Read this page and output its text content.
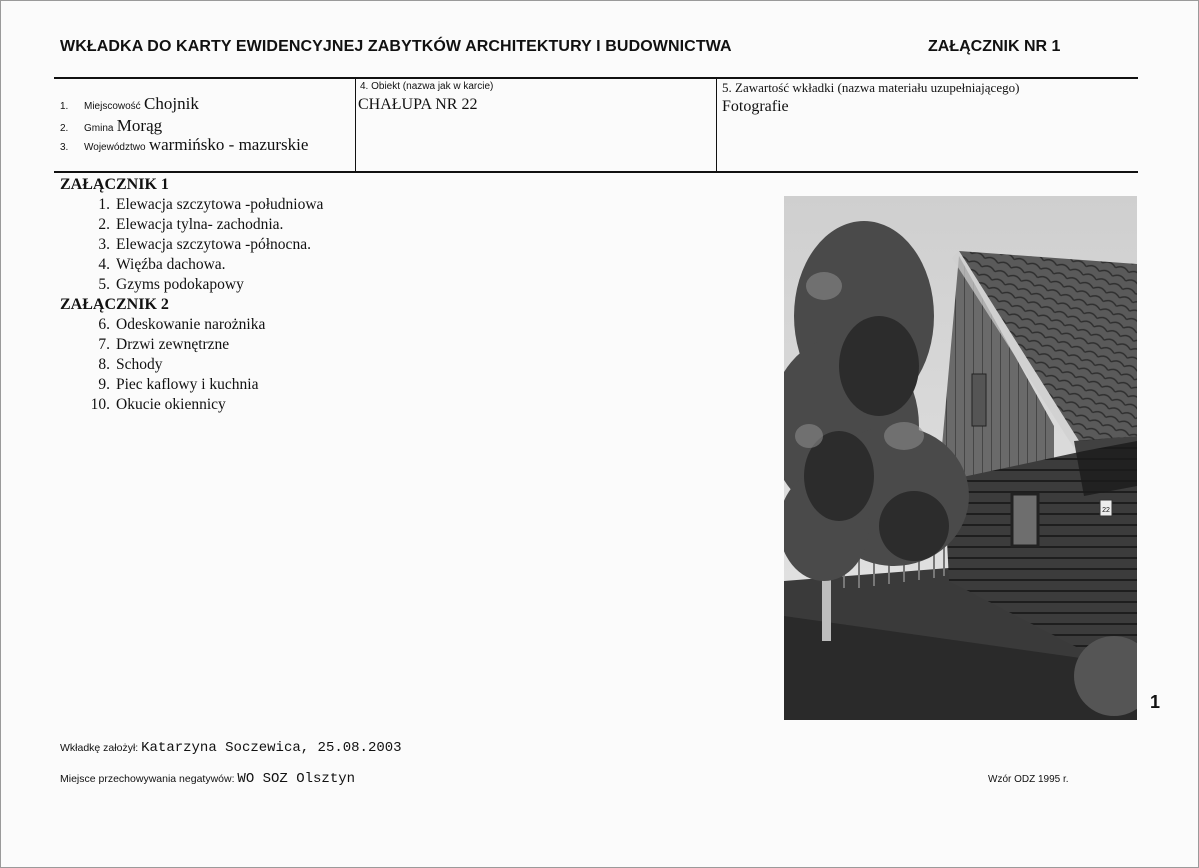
WKŁADKA DO KARTY EWIDENCYJNEJ ZABYTKÓW ARCHITEKTURY I BUDOWNICTWA	ZAŁĄCZNIK NR 1
1. Miejscowość Chojnik
2. Gmina Morąg
3. Województwo warmińsko - mazurskie
4. Obiekt (nazwa jak w karcie)
CHAŁUPA NR 22
5. Zawartość wkładki (nazwa materiału uzupełniającego)
Fotografie
ZAŁĄCZNIK 1
1. Elewacja szczytowa -południowa
2. Elewacja tylna- zachodnia.
3. Elewacja szczytowa -północna.
4. Więźba dachowa.
5. Gzyms podokapowy
ZAŁĄCZNIK 2
6. Odeskowanie narożnika
7. Drzwi zewnętrzne
8. Schody
9. Piec kaflowy i kuchnia
10. Okucie okiennicy
22
1
Wkładkę założył: Katarzyna Soczewica, 25.08.2003
Miejsce przechowywania negatywów: WO SOZ Olsztyn	Wzór ODZ 1995 r.
